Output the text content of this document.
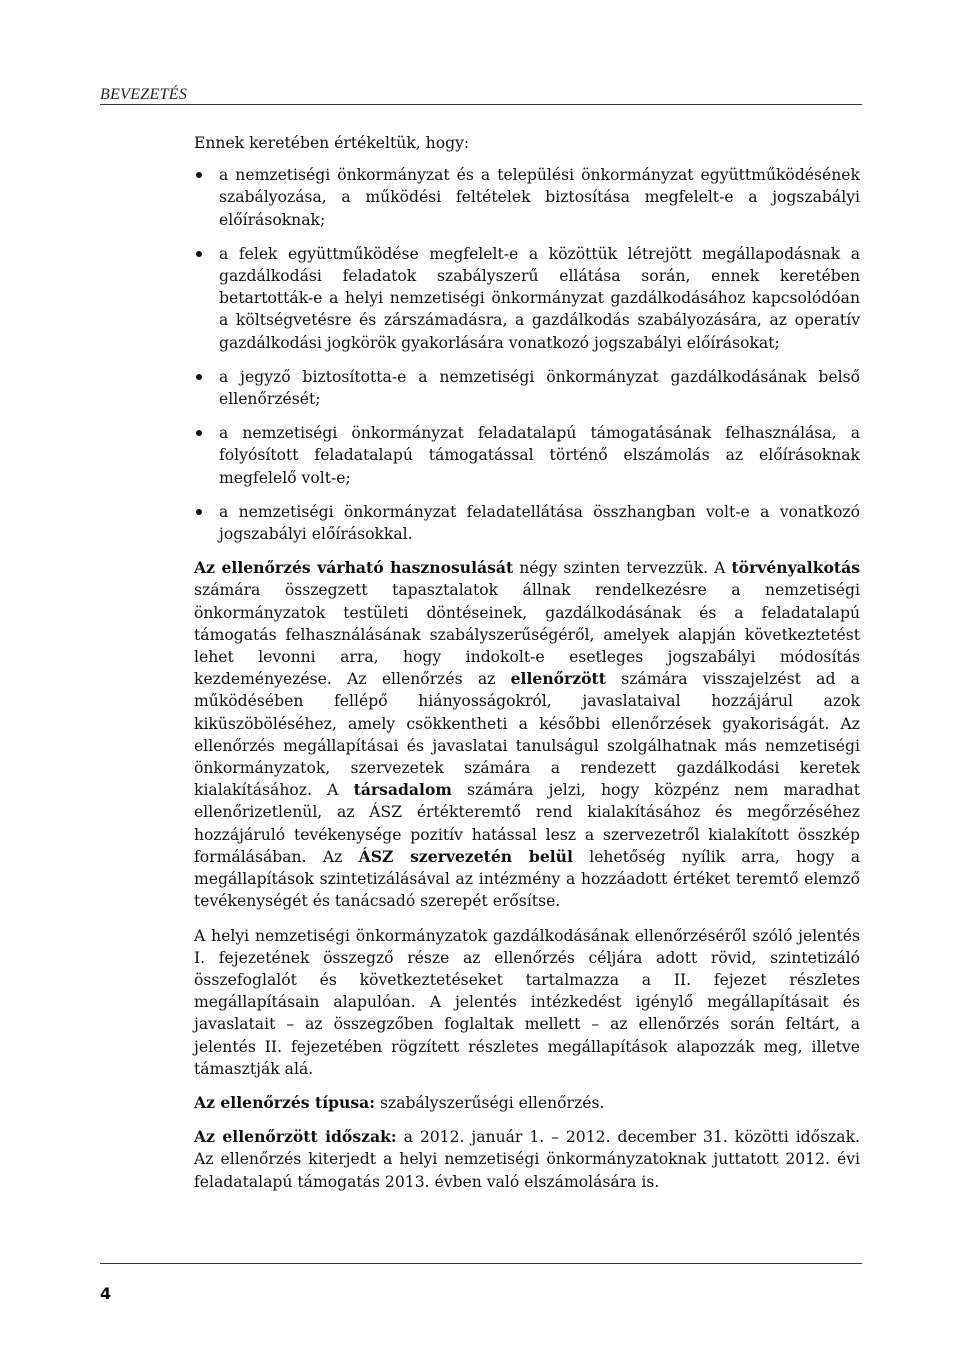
BEVEZETÉS

Ennek keretében értékeltük, hogy:

a nemzetiségi önkormányzat és a települési önkormányzat együttműködésének szabályozása, a működési feltételek biztosítása megfelelt-e a jogszabályi előírásoknak;
a felek együttműködése megfelelt-e a közöttük létrejött megállapodásnak a gazdálkodási feladatok szabályszerű ellátása során, ennek keretében betartották-e a helyi nemzetiségi önkormányzat gazdálkodásához kapcsolódóan a költségvetésre és zárszámadásra, a gazdálkodás szabályozására, az operatív gazdálkodási jogkörök gyakorlására vonatkozó jogszabályi előírásokat;
a jegyző biztosította-e a nemzetiségi önkormányzat gazdálkodásának belső ellenőrzését;
a nemzetiségi önkormányzat feladatalapú támogatásának felhasználása, a folyósított feladatalapú támogatással történő elszámolás az előírásoknak megfelelő volt-e;
a nemzetiségi önkormányzat feladatellátása összhangban volt-e a vonatkozó jogszabályi előírásokkal.

Az ellenőrzés várható hasznosulását négy szinten tervezzük. A törvényalkotás számára összegzett tapasztalatok állnak rendelkezésre a nemzetiségi önkormányzatok testületi döntéseinek, gazdálkodásának és a feladatalapú támogatás felhasználásának szabályszerűségéről, amelyek alapján következtetést lehet levonni arra, hogy indokolt-e esetleges jogszabályi módosítás kezdeményezése. Az ellenőrzés az ellenőrzött számára visszajelzést ad a működésében fellépő hiányosságokról, javaslataival hozzájárul azok kiküszöböléséhez, amely csökkentheti a későbbi ellenőrzések gyakoriságát. Az ellenőrzés megállapításai és javaslatai tanulságul szolgálhatnak más nemzetiségi önkormányzatok, szervezetek számára a rendezett gazdálkodási keretek kialakításához. A társadalom számára jelzi, hogy közpénz nem maradhat ellenőrizetlenül, az ÁSZ értékteremtő rend kialakításához és megőrzéséhez hozzájáruló tevékenysége pozitív hatással lesz a szervezetről kialakított összkép formálásában. Az ÁSZ szervezetén belül lehetőség nyílik arra, hogy a megállapítások szintetizálásával az intézmény a hozzáadott értéket teremtő elemző tevékenységét és tanácsadó szerepét erősítse.

A helyi nemzetiségi önkormányzatok gazdálkodásának ellenőrzéséről szóló jelentés I. fejezetének összegző része az ellenőrzés céljára adott rövid, szintetizáló összefoglalót és következtetéseket tartalmazza a II. fejezet részletes megállapításain alapulóan. A jelentés intézkedést igénylő megállapításait és javaslatait – az összegzőben foglaltak mellett – az ellenőrzés során feltárt, a jelentés II. fejezetében rögzített részletes megállapítások alapozzák meg, illetve támasztják alá.

Az ellenőrzés típusa: szabályszerűségi ellenőrzés.

Az ellenőrzött időszak: a 2012. január 1. – 2012. december 31. közötti időszak. Az ellenőrzés kiterjedt a helyi nemzetiségi önkormányzatoknak juttatott 2012. évi feladatalapú támogatás 2013. évben való elszámolására is.

4
